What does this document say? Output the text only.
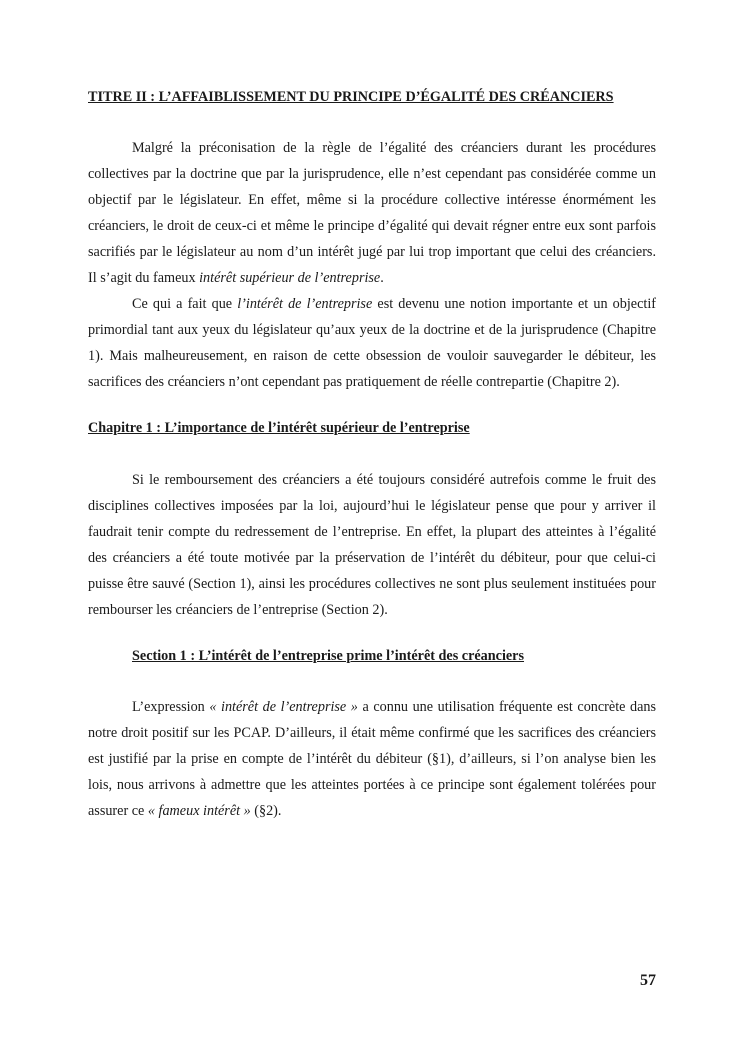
TITRE II : L’AFFAIBLISSEMENT DU PRINCIPE D’ÉGALITÉ DES CRÉANCIERS

Malgré la préconisation de la règle de l’égalité des créanciers durant les procédures collectives par la doctrine que par la jurisprudence, elle n’est cependant pas considérée comme un objectif par le législateur. En effet, même si la procédure collective intéresse énormément les créanciers, le droit de ceux-ci et même le principe d’égalité qui devait régner entre eux sont parfois sacrifiés par le législateur au nom d’un intérêt jugé par lui trop important que celui des créanciers. Il s’agit du fameux intérêt supérieur de l’entreprise.

Ce qui a fait que l’intérêt de l’entreprise est devenu une notion importante et un objectif primordial tant aux yeux du législateur qu’aux yeux de la doctrine et de la jurisprudence (Chapitre 1). Mais malheureusement, en raison de cette obsession de vouloir sauvegarder le débiteur, les sacrifices des créanciers n’ont cependant pas pratiquement de réelle contrepartie (Chapitre 2).

Chapitre 1 : L’importance de l’intérêt supérieur de l’entreprise

Si le remboursement des créanciers a été toujours considéré autrefois comme le fruit des disciplines collectives imposées par la loi, aujourd’hui le législateur pense que pour y arriver il faudrait tenir compte du redressement de l’entreprise. En effet, la plupart des atteintes à l’égalité des créanciers a été toute motivée par la préservation de l’intérêt du débiteur, pour que celui-ci puisse être sauvé (Section 1), ainsi les procédures collectives ne sont plus seulement instituées pour rembourser les créanciers de l’entreprise (Section 2).

Section 1 : L’intérêt de l’entreprise prime l’intérêt des créanciers

L’expression « intérêt de l’entreprise » a connu une utilisation fréquente est concrète dans notre droit positif sur les PCAP. D’ailleurs, il était même confirmé que les sacrifices des créanciers est justifié par la prise en compte de l’intérêt du débiteur (§1), d’ailleurs, si l’on analyse bien les lois, nous arrivons à admettre que les atteintes portées à ce principe sont également tolérées pour assurer ce « fameux intérêt » (§2).

57
